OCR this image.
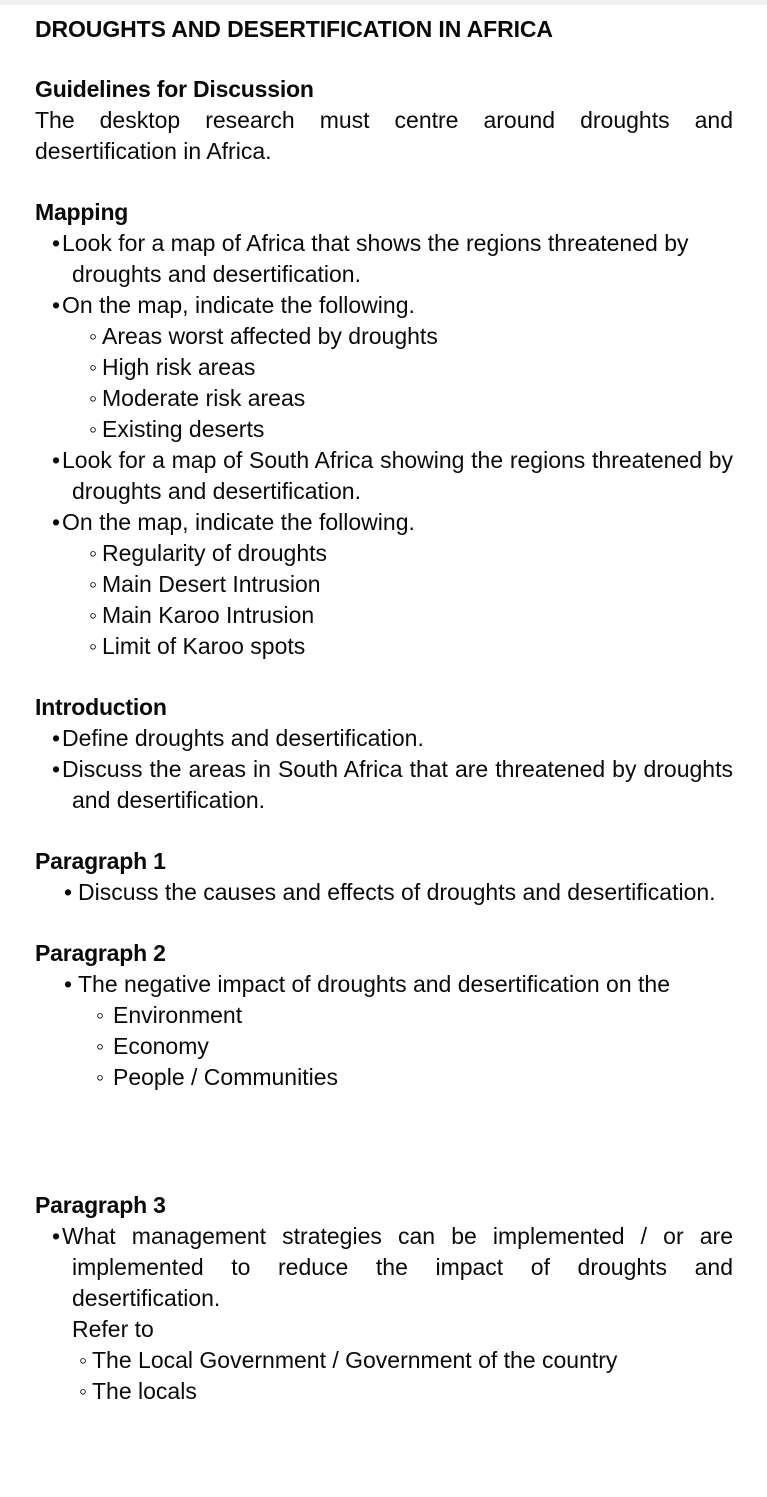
DROUGHTS AND DESERTIFICATION IN AFRICA
Guidelines for Discussion

The desktop research must centre around droughts and desertification in Africa.

Mapping
•
Look for a map of Africa that shows the regions threatened by droughts and desertification.
•
On the map, indicate the following.
◦
Areas worst affected by droughts
◦
High risk areas
◦
Moderate risk areas
◦
Existing deserts
•
Look for a map of South Africa showing the regions threatened by droughts and desertification.
•
On the map, indicate the following.
◦
Regularity of droughts
◦
Main Desert Intrusion
◦
Main Karoo Intrusion
◦
Limit of Karoo spots
Introduction
•
Define droughts and desertification.
•
Discuss the areas in South Africa that are threatened by droughts and desertification.
Paragraph 1
•
Discuss the causes and effects of droughts and desertification.
Paragraph 2
•
The negative impact of droughts and desertification on the
◦
Environment
◦
Economy
◦
People / Communities
Paragraph 3
•
What management strategies can be implemented / or are implemented to reduce the impact of droughts and desertification.
Refer to
◦
The Local Government / Government of the country
◦
The locals
